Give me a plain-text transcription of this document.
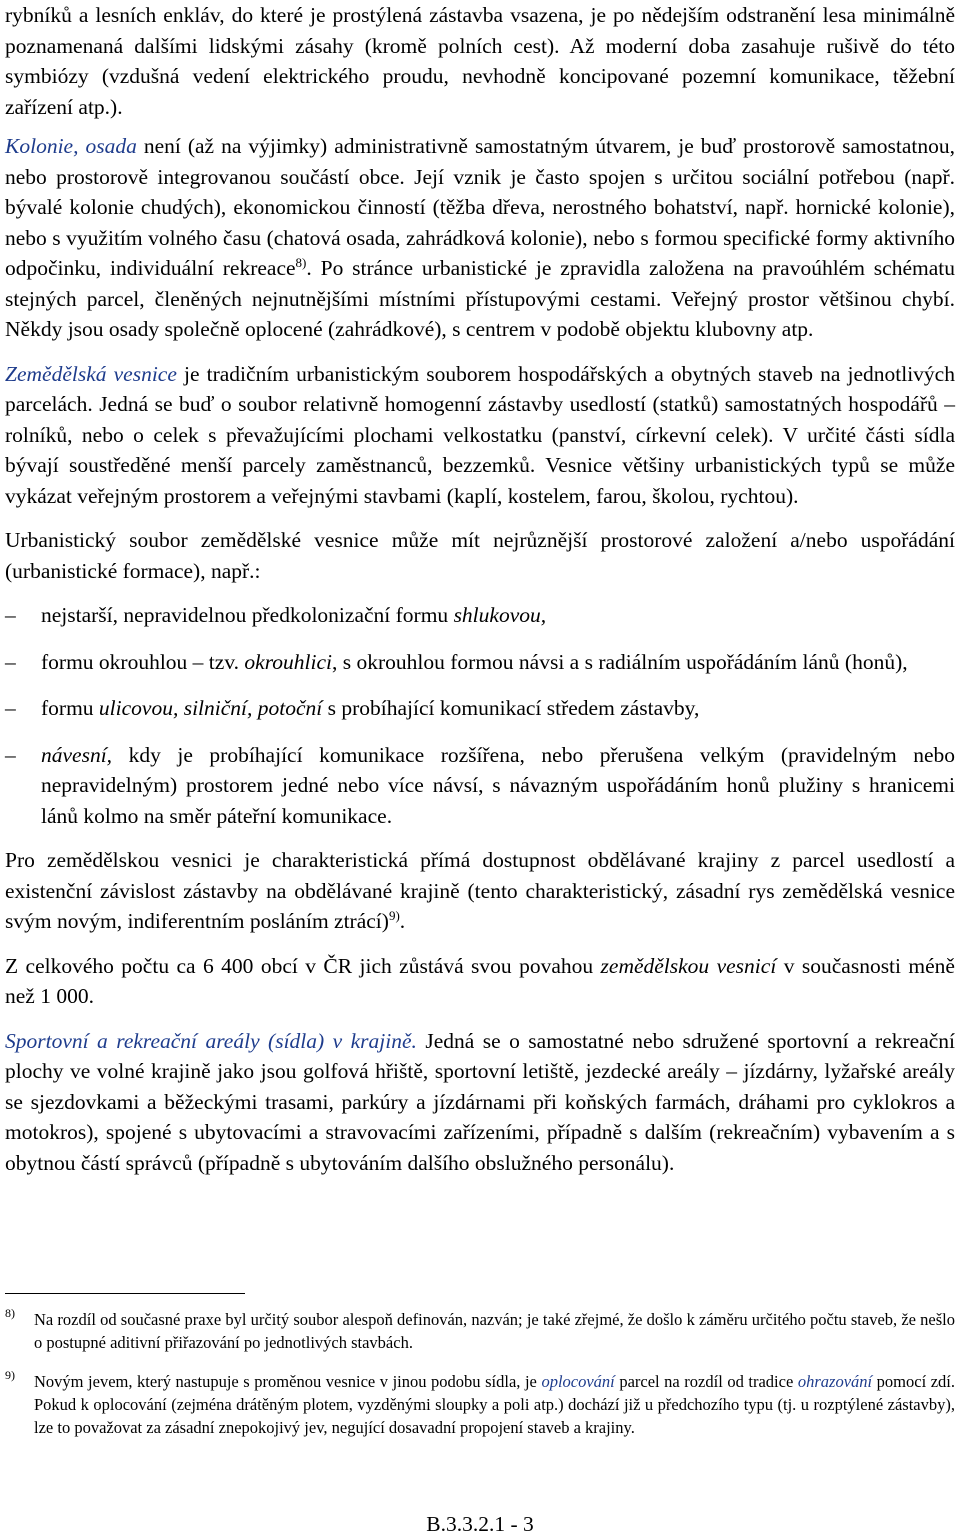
rybníků a lesních enkláv, do které je prostýlená zástavba vsazena, je po nědejším odstranění lesa minimálně poznamenaná dalšími lidskými zásahy (kromě polních cest). Až moderní doba zasahuje rušivě do této symbiózy (vzdušná vedení elektrického proudu, nevhodně koncipované pozemní komunikace, těžební zařízení atp.).

Kolonie, osada není (až na výjimky) administrativně samostatným útvarem, je buď prostorově samostatnou, nebo prostorově integrovanou součástí obce. Její vznik je často spojen s určitou sociální potřebou (např. bývalé kolonie chudých), ekonomickou činností (těžba dřeva, nerostného bohatství, např. hornické kolonie), nebo s využitím volného času (chatová osada, zahrádková kolonie), nebo s formou specifické formy aktivního odpočinku, individuální rekreace$^{8)}$. Po stránce urbanistické je zpravidla založena na pravoúhlém schématu stejných parcel, členěných nejnutnějšími místními přístupovými cestami. Veřejný prostor většinou chybí. Někdy jsou osady společně oplocené (zahrádkové), s centrem v podobě objektu klubovny atp.

Zemědělská vesnice je tradičním urbanistickým souborem hospodářských a obytných staveb na jednotlivých parcelách. Jedná se buď o soubor relativně homogenní zástavby usedlostí (statků) samostatných hospodářů – rolníků, nebo o celek s převažujícími plochami velkostatku (panství, církevní celek). V určité části sídla bývají soustředěné menší parcely zaměstnanců, bezzemků. Vesnice většiny urbanistických typů se může vykázat veřejným prostorem a veřejnými stavbami (kaplí, kostelem, farou, školou, rychtou).

Urbanistický soubor zemědělské vesnice může mít nejrůznější prostorové založení a/nebo uspořádání (urbanistické formace), např.:

– nejstarší, nepravidelnou předkolonizační formu shlukovou,
– formu okrouhlou – tzv. okrouhlici, s okrouhlou formou návsi a s radiálním uspořádáním lánů (honů),
– formu ulicovou, silniční, potoční s probíhající komunikací středem zástavby,
– návesní, kdy je probíhající komunikace rozšířena, nebo přerušena velkým (pravidelným nebo nepravidelným) prostorem jedné nebo více návsí, s návazným uspořádáním honů plužiny s hranicemi lánů kolmo na směr páteřní komunikace.

Pro zemědělskou vesnici je charakteristická přímá dostupnost obdělávané krajiny z parcel usedlostí a existenční závislost zástavby na obdělávané krajině (tento charakteristický, zásadní rys zemědělská vesnice svým novým, indiferentním posláním ztrácí)$^{9)}$.

Z celkového počtu ca 6 400 obcí v ČR jich zůstává svou povahou zemědělskou vesnicí v současnosti méně než 1 000.

Sportovní a rekreační areály (sídla) v krajině. Jedná se o samostatné nebo sdružené sportovní a rekreační plochy ve volné krajině jako jsou golfová hřiště, sportovní letiště, jezdecké areály – jízdárny, lyžařské areály se sjezdovkami a běžeckými trasami, parkúry a jízdárnami při koňských farmách, dráhami pro cyklokros a motokros), spojené s ubytovacími a stravovacími zařízeními, případně s dalším (rekreačním) vybavením a s obytnou částí správců (případně s ubytováním dalšího obslužného personálu).

8) Na rozdíl od současné praxe byl určitý soubor alespoň definován, nazván; je také zřejmé, že došlo k záměru určitého počtu staveb, že nešlo o postupné aditivní přiřazování po jednotlivých stavbách.
9) Novým jevem, který nastupuje s proměnou vesnice v jinou podobu sídla, je oplocování parcel na rozdíl od tradice ohrazování pomocí zdí. Pokud k oplocování (zejména drátěným plotem, vyzděnými sloupky a poli atp.) dochází již u předchozího typu (tj. u rozptýlené zástavby), lze to považovat za zásadní znepokojivý jev, negující dosavadní propojení staveb a krajiny.
B.3.3.2.1 - 3
